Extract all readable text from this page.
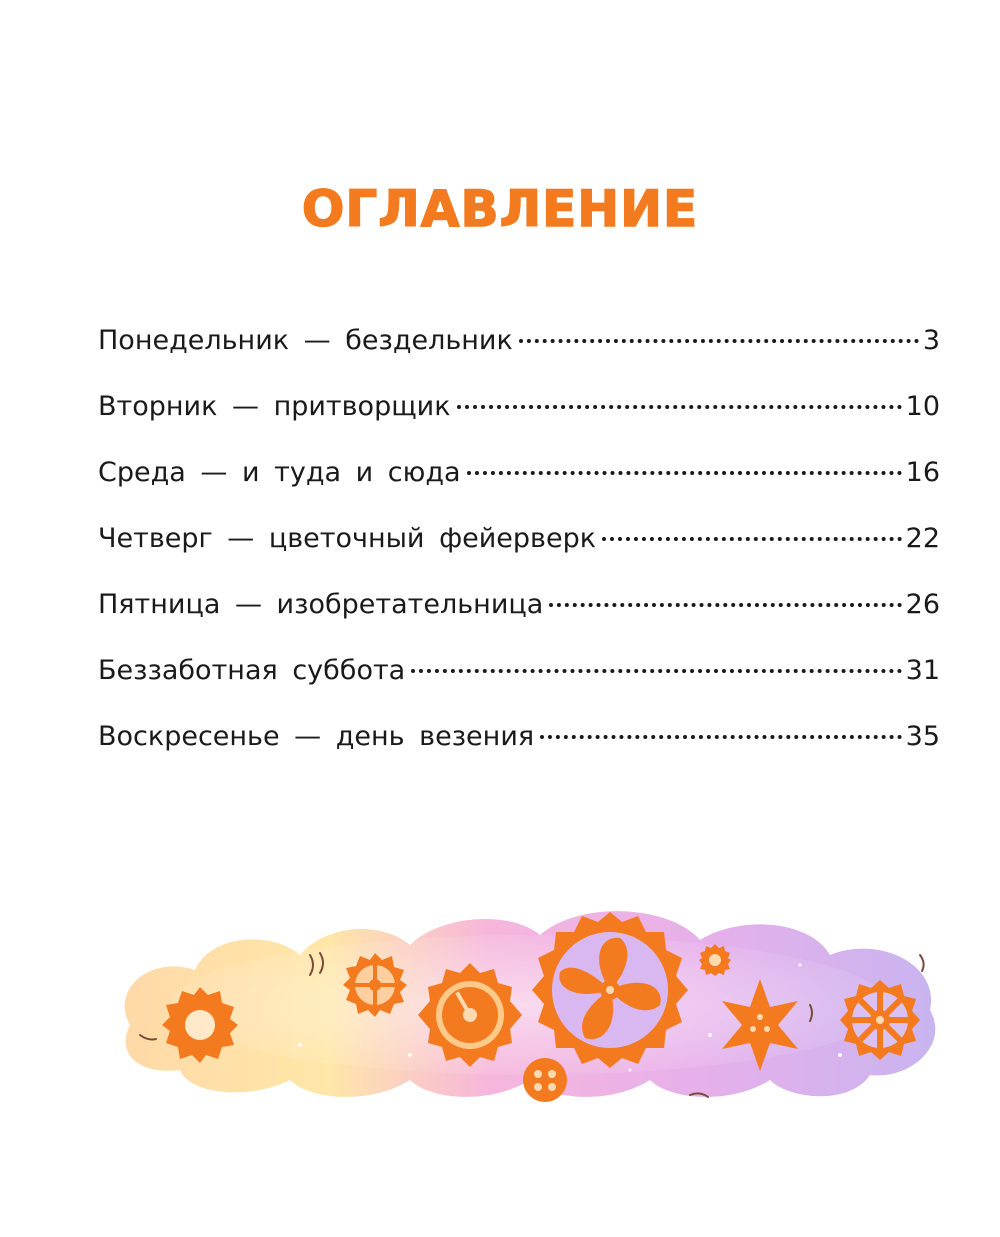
ОГЛАВЛЕНИЕ
Понедельник — бездельник	3
Вторник — притворщик	10
Среда — и туда и сюда	16
Четверг — цветочный фейерверк	22
Пятница — изобретательница	26
Беззаботная суббота	31
Воскресенье — день везения	35
